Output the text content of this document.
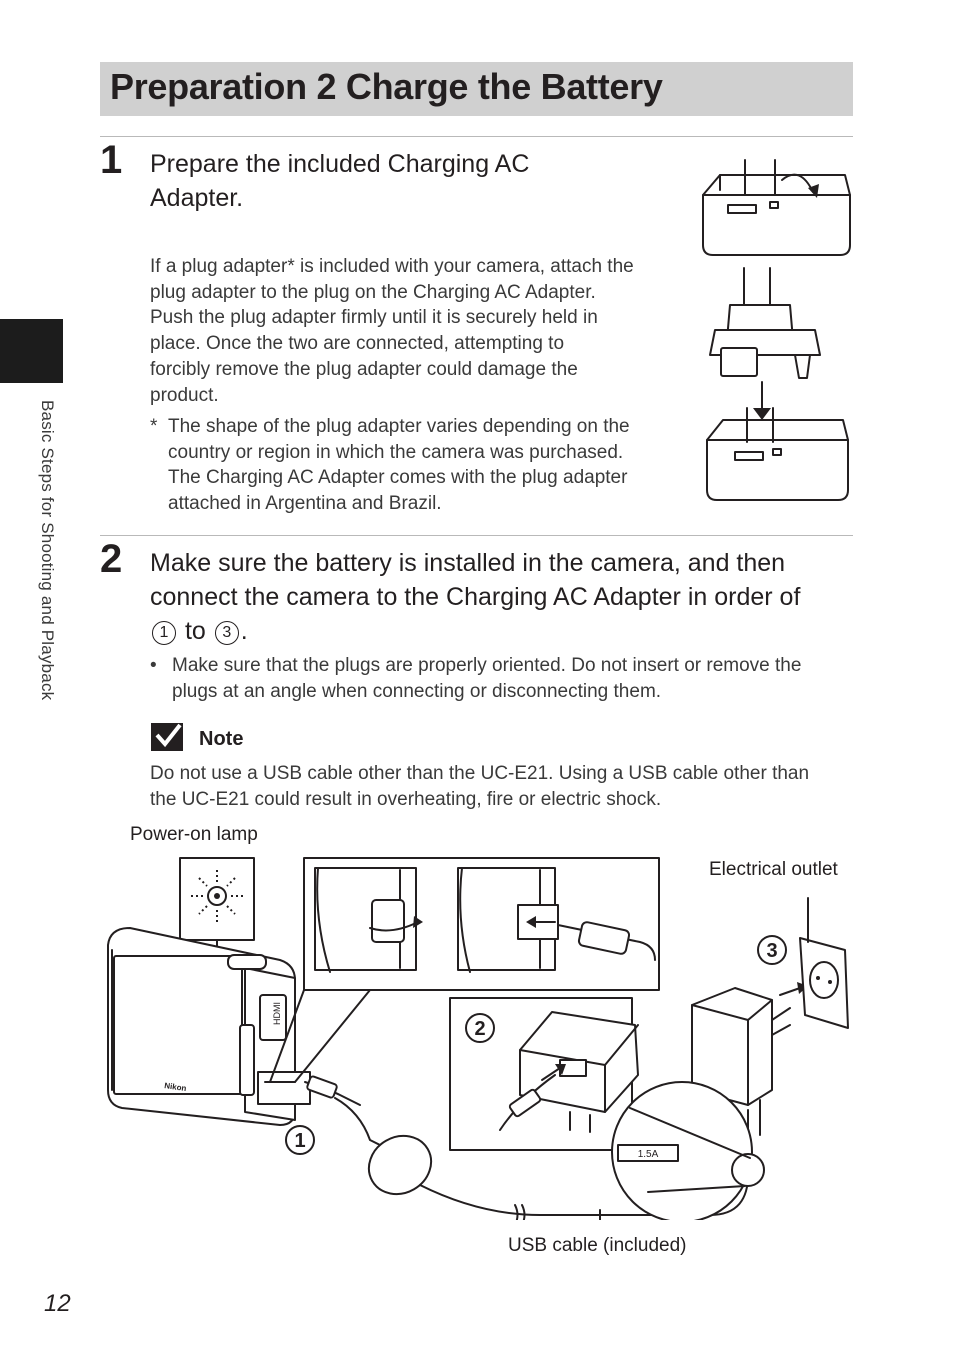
Preparation 2 Charge the Battery
Basic Steps for Shooting and Playback
1 Prepare the included Charging AC Adapter.
If a plug adapter* is included with your camera, attach the
plug adapter to the plug on the Charging AC Adapter.
Push the plug adapter firmly until it is securely held in
place. Once the two are connected, attempting to
forcibly remove the plug adapter could damage the
product.
* The shape of the plug adapter varies depending on the
country or region in which the camera was purchased.
The Charging AC Adapter comes with the plug adapter
attached in Argentina and Brazil.
2 Make sure the battery is installed in the camera, and then
connect the camera to the Charging AC Adapter in order of
1 to 3 .
• Make sure that the plugs are properly oriented. Do not insert or remove the
plugs at an angle when connecting or disconnecting them.
Note
Do not use a USB cable other than the UC-E21. Using a USB cable other than
the UC-E21 could result in overheating, fire or electric shock.
Power-on lamp
Electrical outlet
USB cable (included)
HDMI
Nikon
1
2
3
1.5A
12
